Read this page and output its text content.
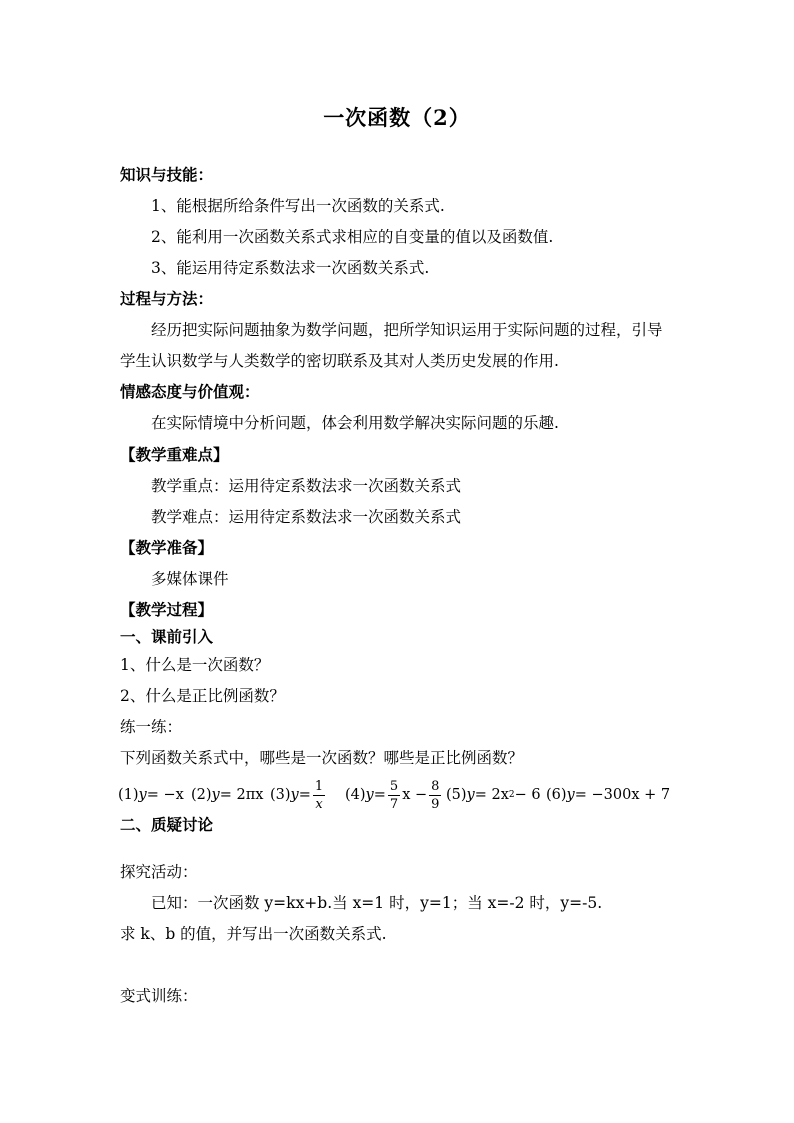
一次函数（2）
知识与技能：
1、能根据所给条件写出一次函数的关系式.
2、能利用一次函数关系式求相应的自变量的值以及函数值.
3、能运用待定系数法求一次函数关系式.
过程与方法：
经历把实际问题抽象为数学问题，把所学知识运用于实际问题的过程，引导学生认识数学与人类数学的密切联系及其对人类历史发展的作用.
情感态度与价值观：
在实际情境中分析问题，体会利用数学解决实际问题的乐趣.
【教学重难点】
教学重点：运用待定系数法求一次函数关系式
教学难点：运用待定系数法求一次函数关系式
【教学准备】
多媒体课件
【教学过程】
一、课前引入
1、什么是一次函数？
2、什么是正比例函数？
练一练：
下列函数关系式中，哪些是一次函数？哪些是正比例函数？
(1) y = −x (2) y = 2πx (3) $y = \frac{1}{x} (4) y = \frac{5}{7}$ $x - \frac{8}{9} (5) y = 2x$ 2 − 6 (6) y = −300x + 7
二、质疑讨论
探究活动：
已知：一次函数 y=kx+b.当 x=1 时，y=1；当 x=-2 时，y=-5.
求 k、b 的值，并写出一次函数关系式.
变式训练：
